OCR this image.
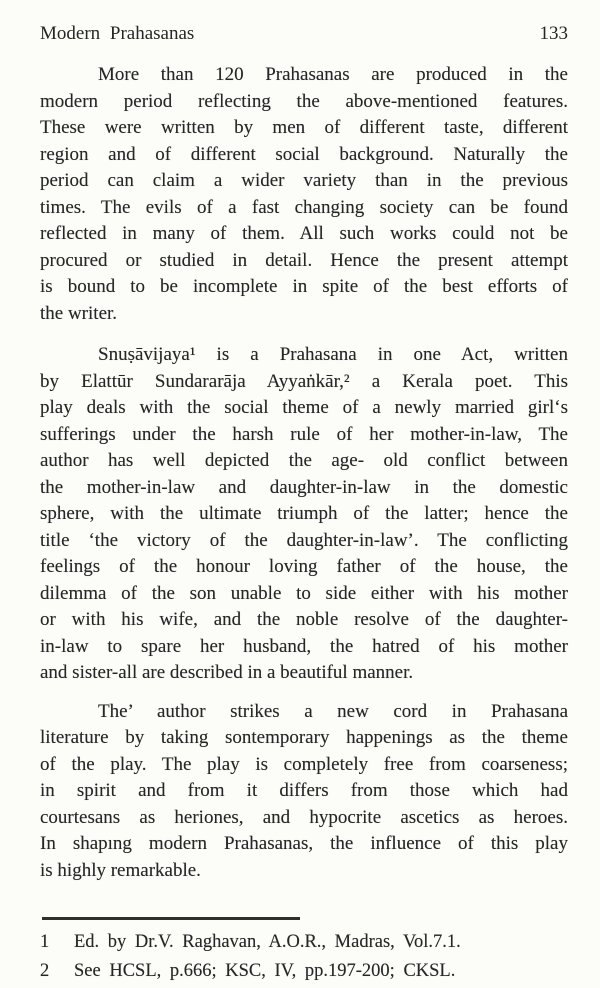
Modern Prahasanas	133
More than 120 Prahasanas are produced in the
modern period reflecting the above-mentioned features.
These were written by men of different taste, different
region and of different social background. Naturally the
period can claim a wider variety than in the previous
times. The evils of a fast changing society can be found
reflected in many of them. All such works could not be
procured or studied in detail. Hence the present attempt
is bound to be incomplete in spite of the best efforts of
the writer.
Snuṣāvijaya¹ is a Prahasana in one Act, written
by Elattūr Sundararāja Ayyaṅkār,² a Kerala poet. This
play deals with the social theme of a newly married girl‘s
sufferings under the harsh rule of her mother-in-law, The
author has well depicted the age- old conflict between
the mother-in-law and daughter-in-law in the domestic
sphere, with the ultimate triumph of the latter; hence the
title ‘the victory of the daughter-in-law’. The conflicting
feelings of the honour loving father of the house, the
dilemma of the son unable to side either with his mother
or with his wife, and the noble resolve of the daughter-
in-law to spare her husband, the hatred of his mother
and sister-all are described in a beautiful manner.
The’ author strikes a new cord in Prahasana
literature by taking sontemporary happenings as the theme
of the play. The play is completely free from coarseness;
in spirit and from it differs from those which had
courtesans as heriones, and hypocrite ascetics as heroes.
In shapıng modern Prahasanas, the influence of this play
is highly remarkable.
1	Ed. by Dr.V. Raghavan, A.O.R., Madras, Vol.7.1.
2	See HCSL, p.666; KSC, IV, pp.197-200; CKSL.
